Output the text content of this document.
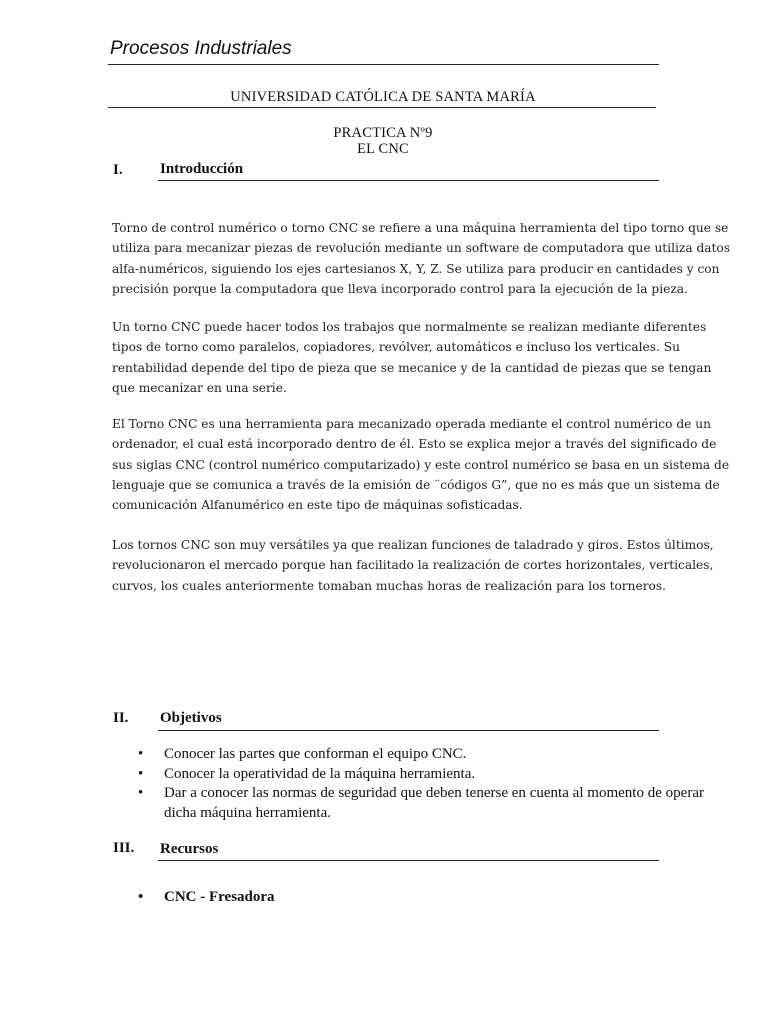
Procesos Industriales
UNIVERSIDAD CATÓLICA DE SANTA MARÍA
PRACTICA Nº9
EL CNC
I. Introducción
Torno de control numérico o torno CNC se refiere a una máquina herramienta del tipo torno que se
utiliza para mecanizar piezas de revolución mediante un software de computadora que utiliza datos
alfa-numéricos, siguiendo los ejes cartesianos X, Y, Z. Se utiliza para producir en cantidades y con
precisión porque la computadora que lleva incorporado control para la ejecución de la pieza.
Un torno CNC puede hacer todos los trabajos que normalmente se realizan mediante diferentes
tipos de torno como paralelos, copiadores, revólver, automáticos e incluso los verticales. Su
rentabilidad depende del tipo de pieza que se mecanice y de la cantidad de piezas que se tengan
que mecanizar en una serie.
El Torno CNC es una herramienta para mecanizado operada mediante el control numérico de un
ordenador, el cual está incorporado dentro de él. Esto se explica mejor a través del significado de
sus siglas CNC (control numérico computarizado) y este control numérico se basa en un sistema de
lenguaje que se comunica a través de la emisión de ¨códigos G”, que no es más que un sistema de
comunicación Alfanumérico en este tipo de máquinas sofisticadas.
Los tornos CNC son muy versátiles ya que realizan funciones de taladrado y giros. Estos últimos,
revolucionaron el mercado porque han facilitado la realización de cortes horizontales, verticales,
curvos, los cuales anteriormente tomaban muchas horas de realización para los torneros.
II. Objetivos
• Conocer las partes que conforman el equipo CNC.
• Conocer la operatividad de la máquina herramienta.
• Dar a conocer las normas de seguridad que deben tenerse en cuenta al momento de operar dicha máquina herramienta.
III. Recursos
• CNC - Fresadora
